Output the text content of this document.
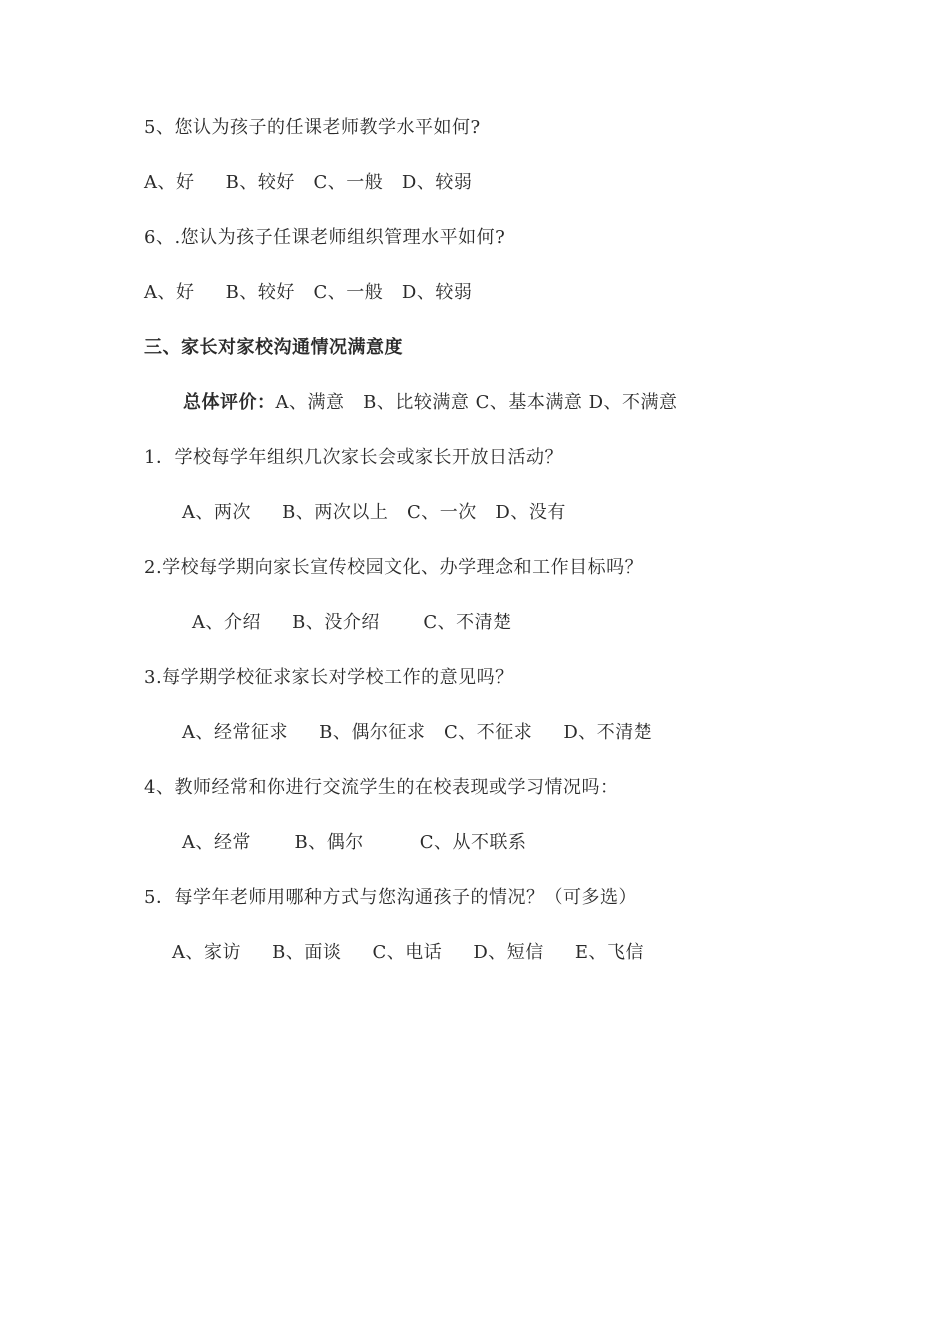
5、您认为孩子的任课老师教学水平如何?
A、好     B、较好   C、一般   D、较弱
6、.您认为孩子任课老师组织管理水平如何?
A、好     B、较好   C、一般   D、较弱
三、家长对家校沟通情况满意度
总体评价：A、满意   B、比较满意 C、基本满意 D、不满意
1．学校每学年组织几次家长会或家长开放日活动？
A、两次     B、两次以上   C、一次   D、没有
2.学校每学期向家长宣传校园文化、办学理念和工作目标吗？
A、介绍     B、没介绍       C、不清楚
3.每学期学校征求家长对学校工作的意见吗？
A、经常征求     B、偶尔征求   C、不征求     D、不清楚
4、教师经常和你进行交流学生的在校表现或学习情况吗：
A、经常       B、偶尔         C、从不联系
5．每学年老师用哪种方式与您沟通孩子的情况？（可多选）
A、家访     B、面谈     C、电话     D、短信     E、飞信
